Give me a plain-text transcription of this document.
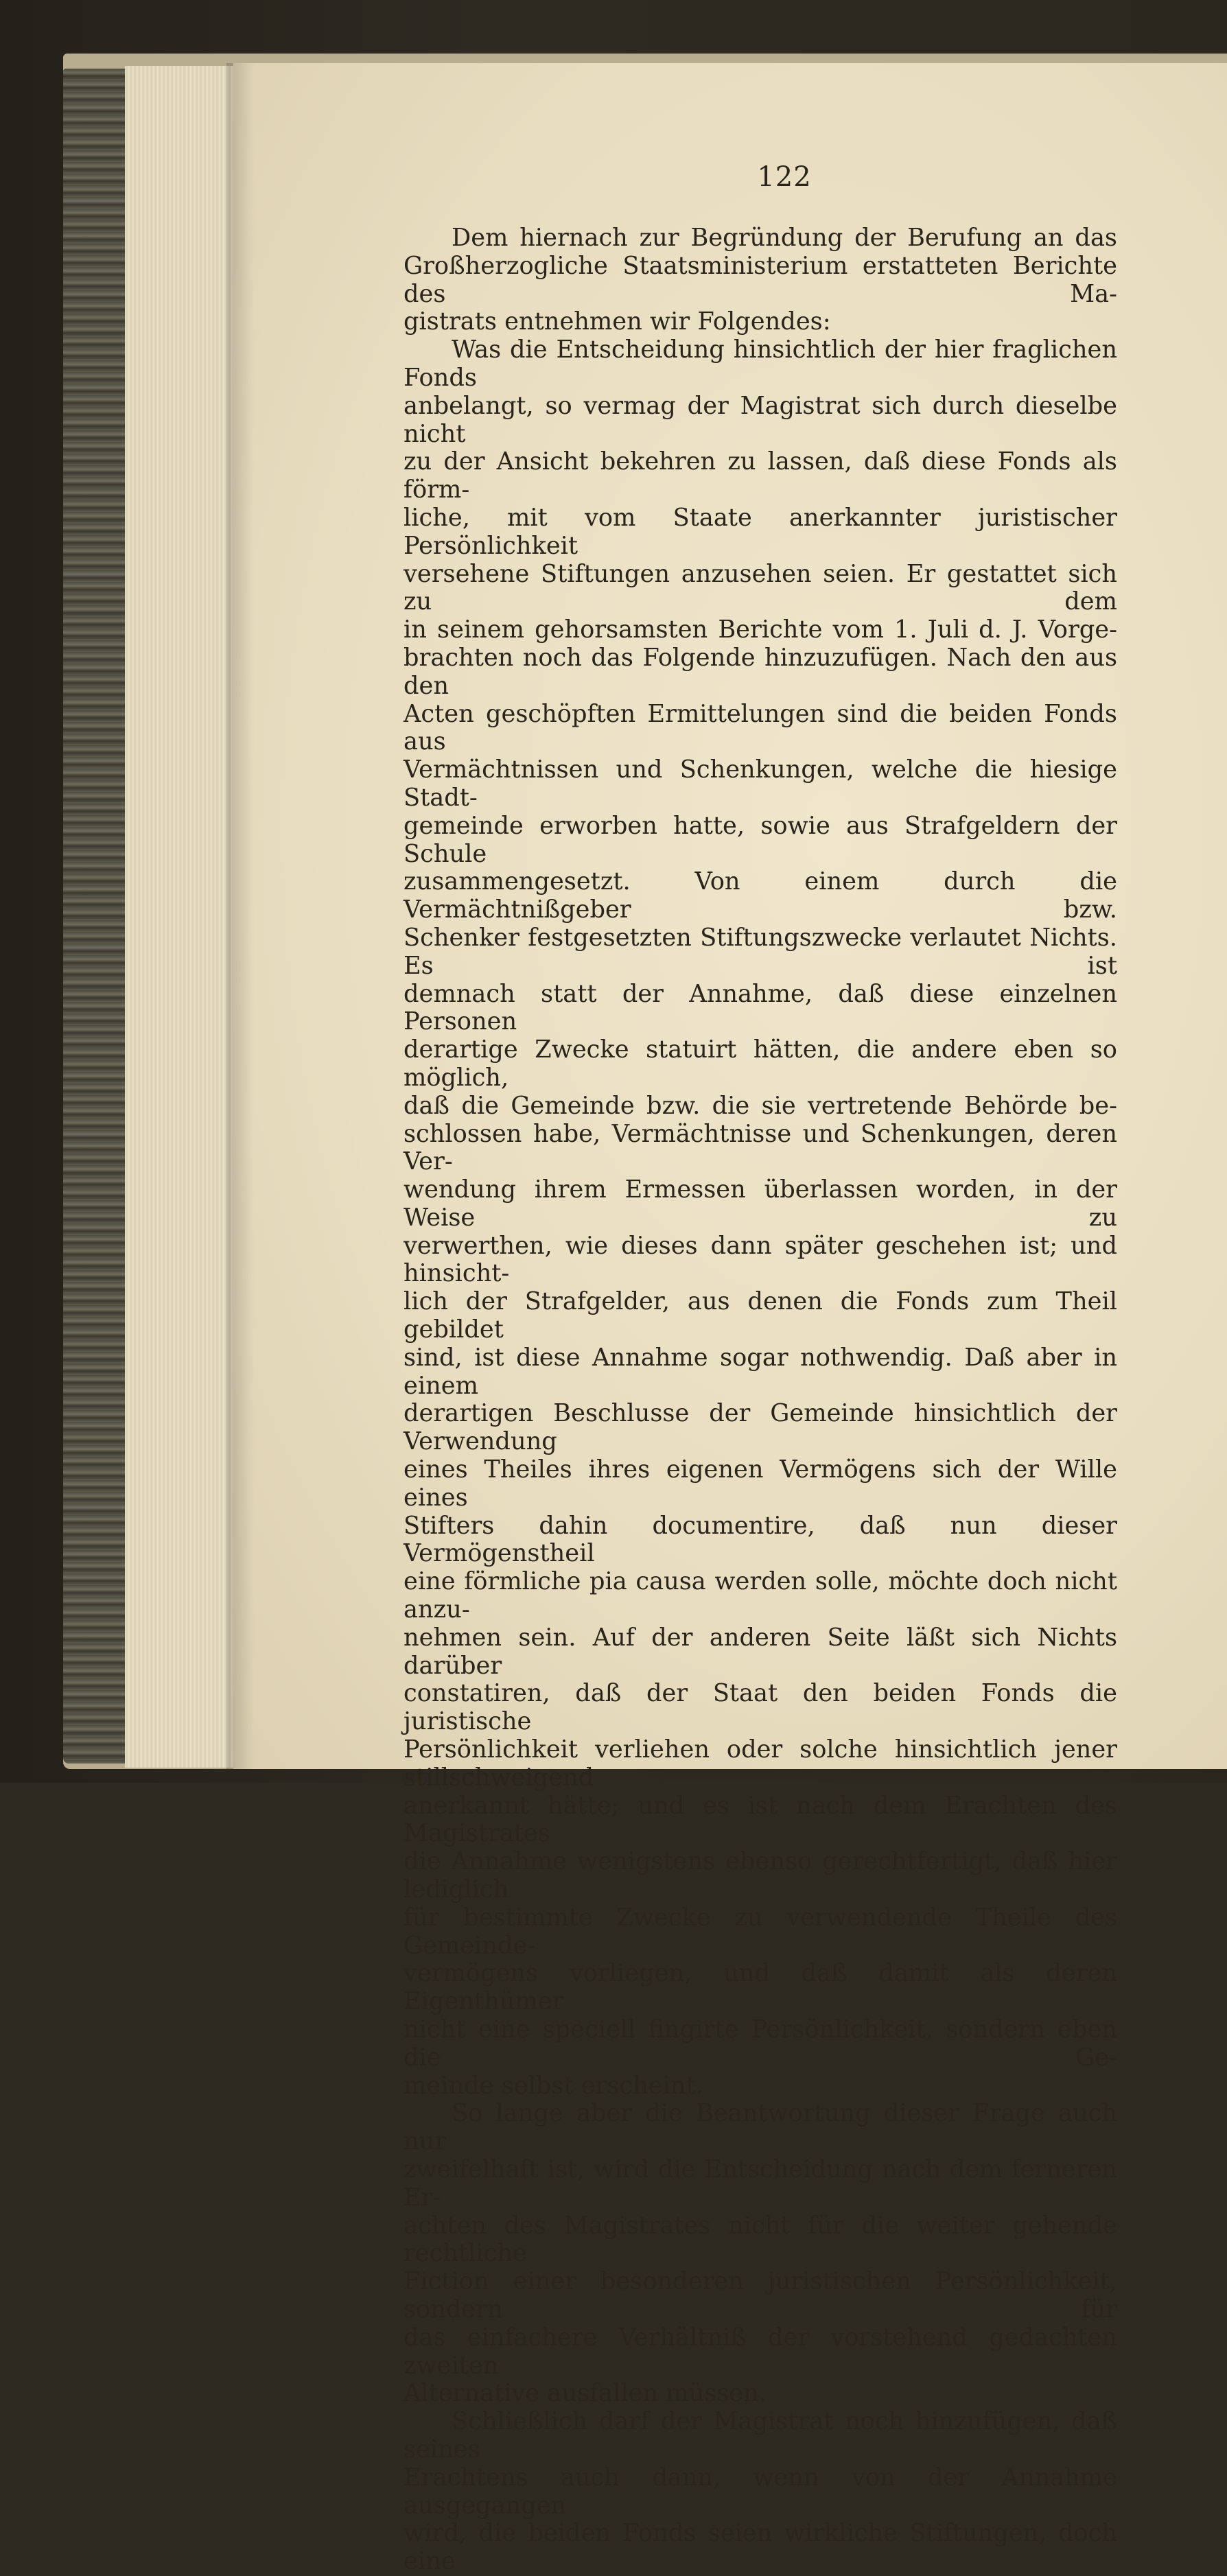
122
Dem hiernach zur Begründung der Berufung an das
Großherzogliche Staatsministerium erstatteten Berichte des Ma-
gistrats entnehmen wir Folgendes:
Was die Entscheidung hinsichtlich der hier fraglichen Fonds
anbelangt, so vermag der Magistrat sich durch dieselbe nicht
zu der Ansicht bekehren zu lassen, daß diese Fonds als förm-
liche, mit vom Staate anerkannter juristischer Persönlichkeit
versehene Stiftungen anzusehen seien. Er gestattet sich zu dem
in seinem gehorsamsten Berichte vom 1. Juli d. J. Vorge-
brachten noch das Folgende hinzuzufügen. Nach den aus den
Acten geschöpften Ermittelungen sind die beiden Fonds aus
Vermächtnissen und Schenkungen, welche die hiesige Stadt-
gemeinde erworben hatte, sowie aus Strafgeldern der Schule
zusammengesetzt. Von einem durch die Vermächtnißgeber bzw.
Schenker festgesetzten Stiftungszwecke verlautet Nichts. Es ist
demnach statt der Annahme, daß diese einzelnen Personen
derartige Zwecke statuirt hätten, die andere eben so möglich,
daß die Gemeinde bzw. die sie vertretende Behörde be-
schlossen habe, Vermächtnisse und Schenkungen, deren Ver-
wendung ihrem Ermessen überlassen worden, in der Weise zu
verwerthen, wie dieses dann später geschehen ist; und hinsicht-
lich der Strafgelder, aus denen die Fonds zum Theil gebildet
sind, ist diese Annahme sogar nothwendig. Daß aber in einem
derartigen Beschlusse der Gemeinde hinsichtlich der Verwendung
eines Theiles ihres eigenen Vermögens sich der Wille eines
Stifters dahin documentire, daß nun dieser Vermögenstheil
eine förmliche pia causa werden solle, möchte doch nicht anzu-
nehmen sein. Auf der anderen Seite läßt sich Nichts darüber
constatiren, daß der Staat den beiden Fonds die juristische
Persönlichkeit verliehen oder solche hinsichtlich jener stillschweigend
anerkannt hätte; und es ist nach dem Erachten des Magistrates
die Annahme wenigstens ebenso gerechtfertigt, daß hier lediglich
für bestimmte Zwecke zu verwendende Theile des Gemeinde-
vermögens vorliegen, und daß damit als deren Eigenthümer
nicht eine speciell fingirte Persönlichkeit, sondern eben die Ge-
meinde selbst erscheint.
So lange aber die Beantwortung dieser Frage auch nur
zweifelhaft ist, wird die Entscheidung nach dem ferneren Er-
achten des Magistrates nicht für die weiter gehende rechtliche
Fiction einer besonderen juristischen Persönlichkeit, sondern für
das einfachere Verhältniß der vorstehend gedachten zweiten
Alternative ausfallen müssen.
Schließlich darf der Magistrat noch hinzufügen, daß seines
Erachtens auch dann, wenn von der Annahme ausgegangen
wird, die beiden Fonds seien wirkliche Stiftungen, doch eine
